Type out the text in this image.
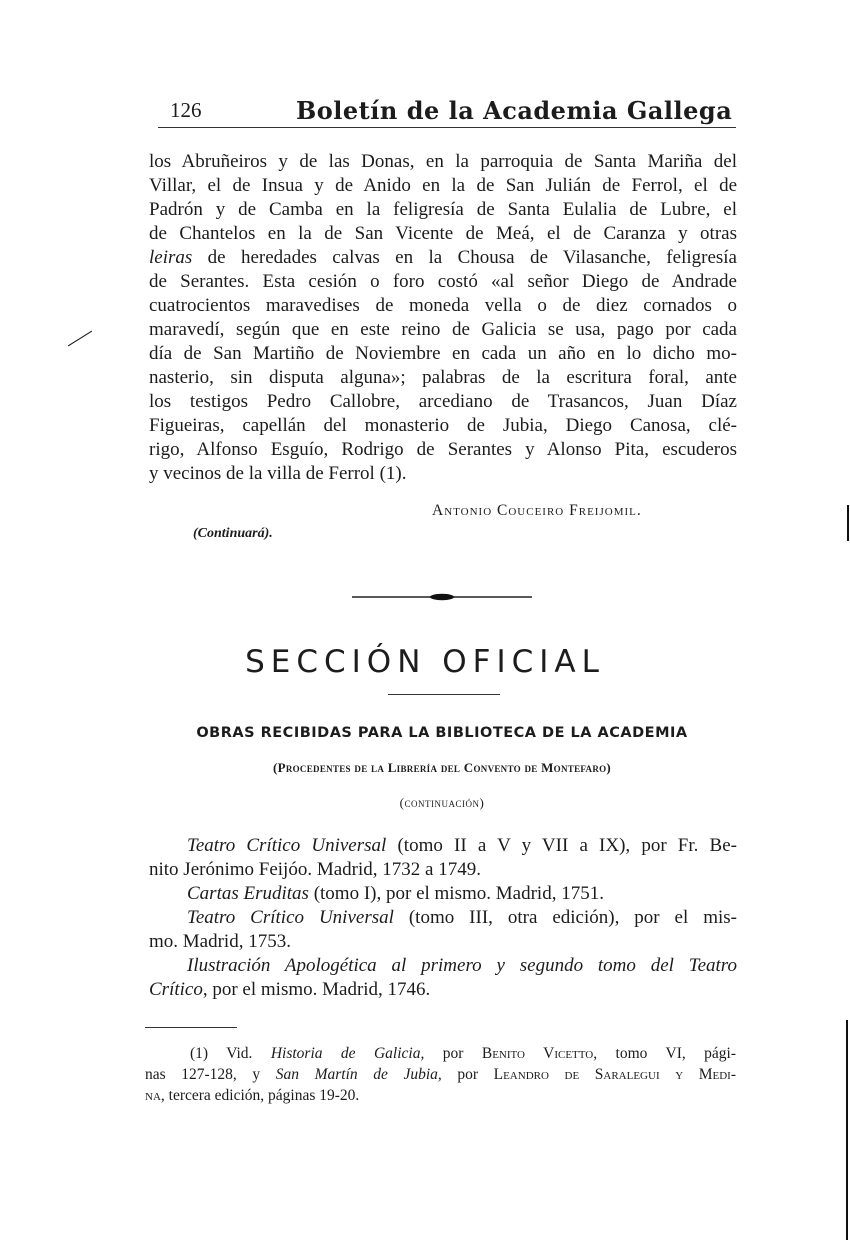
126	Boletín de la Academia Gallega
los Abruñeiros y de las Donas, en la parroquia de Santa Mariña del
Villar, el de Insua y de Anido en la de San Julián de Ferrol, el de
Padrón y de Camba en la feligresía de Santa Eulalia de Lubre, el
de Chantelos en la de San Vicente de Meá, el de Caranza y otras
leiras de heredades calvas en la Chousa de Vilasanche, feligresía
de Serantes. Esta cesión o foro costó «al señor Diego de Andrade
cuatrocientos maravedises de moneda vella o de diez cornados o
maravedí, según que en este reino de Galicia se usa, pago por cada
día de San Martiño de Noviembre en cada un año en lo dicho mo-
nasterio, sin disputa alguna»; palabras de la escritura foral, ante
los testigos Pedro Callobre, arcediano de Trasancos, Juan Díaz
Figueiras, capellán del monasterio de Jubia, Diego Canosa, clé-
rigo, Alfonso Esguío, Rodrigo de Serantes y Alonso Pita, escuderos
y vecinos de la villa de Ferrol (1).
Antonio Couceiro Freijomil.
(Continuará).
SECCIÓN OFICIAL
OBRAS RECIBIDAS PARA LA BIBLIOTECA DE LA ACADEMIA
(Procedentes de la Librería del Convento de Montefaro)
(continuación)
Teatro Crítico Universal (tomo II a V y VII a IX), por Fr. Be-
nito Jerónimo Feijóo. Madrid, 1732 a 1749.
Cartas Eruditas (tomo I), por el mismo. Madrid, 1751.
Teatro Crítico Universal (tomo III, otra edición), por el mis-
mo. Madrid, 1753.
Ilustración Apologética al primero y segundo tomo del Teatro
Crítico, por el mismo. Madrid, 1746.
(1) Vid. Historia de Galicia, por Benito Vicetto, tomo VI, pági-
nas 127-128, y San Martín de Jubia, por Leandro de Saralegui y Medi-
na, tercera edición, páginas 19-20.
